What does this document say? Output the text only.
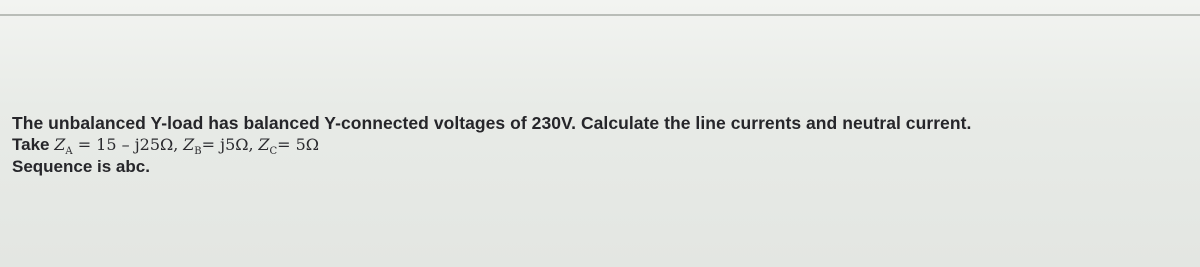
The unbalanced Y-load has balanced Y-connected voltages of 230V. Calculate the line currents and neutral current.
Take $Z_A = 15 - j25\Omega$, $Z_B= j5\Omega$, $Z_C= 5\Omega$
Sequence is abc.
